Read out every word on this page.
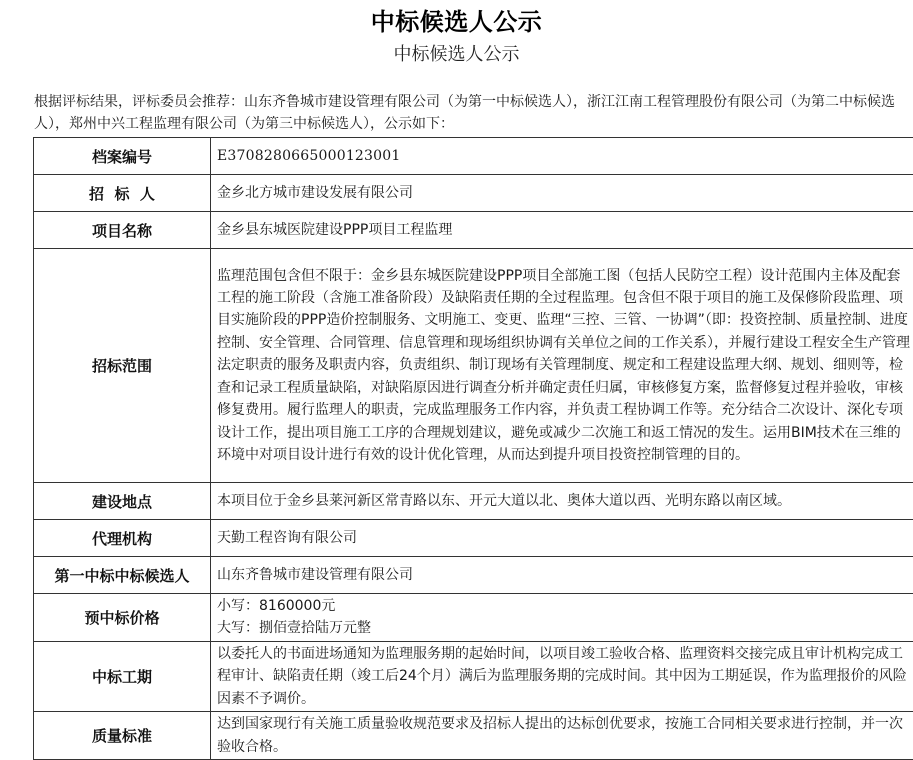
中标候选人公示
中标候选人公示

根据评标结果，评标委员会推荐：山东齐鲁城市建设管理有限公司（为第一中标候选人），浙江江南工程管理股份有限公司（为第二中标候选人），郑州中兴工程监理有限公司（为第三中标候选人），公示如下：

档案编号	E3708280665000123001
招  标  人	金乡北方城市建设发展有限公司
项目名称	金乡县东城医院建设PPP项目工程监理
招标范围	监理范围包含但不限于：金乡县东城医院建设PPP项目全部施工图（包括人民防空工程）设计范围内主体及配套工程的施工阶段（含施工准备阶段）及缺陷责任期的全过程监理。包含但不限于项目的施工及保修阶段监理、项目实施阶段的PPP造价控制服务、文明施工、变更、监理“三控、三管、一协调”（即：投资控制、质量控制、进度控制、安全管理、合同管理、信息管理和现场组织协调有关单位之间的工作关系），并履行建设工程安全生产管理法定职责的服务及职责内容，负责组织、制订现场有关管理制度、规定和工程建设监理大纲、规划、细则等，检查和记录工程质量缺陷，对缺陷原因进行调查分析并确定责任归属，审核修复方案，监督修复过程并验收，审核修复费用。履行监理人的职责，完成监理服务工作内容，并负责工程协调工作等。充分结合二次设计、深化专项设计工作，提出项目施工工序的合理规划建议，避免或减少二次施工和返工情况的发生。运用BIM技术在三维的环境中对项目设计进行有效的设计优化管理，从而达到提升项目投资控制管理的目的。
建设地点	本项目位于金乡县莱河新区常青路以东、开元大道以北、奥体大道以西、光明东路以南区域。
代理机构	天勤工程咨询有限公司
第一中标中标候选人	山东齐鲁城市建设管理有限公司
预中标价格	小写：8160000元
大写：捌佰壹拾陆万元整

中标工期	以委托人的书面进场通知为监理服务期的起始时间，以项目竣工验收合格、监理资料交接完成且审计机构完成工程审计、缺陷责任期（竣工后24个月）满后为监理服务期的完成时间。其中因为工期延误，作为监理报价的风险因素不予调价。
质量标准	达到国家现行有关施工质量验收规范要求及招标人提出的达标创优要求，按施工合同相关要求进行控制，并一次验收合格。
